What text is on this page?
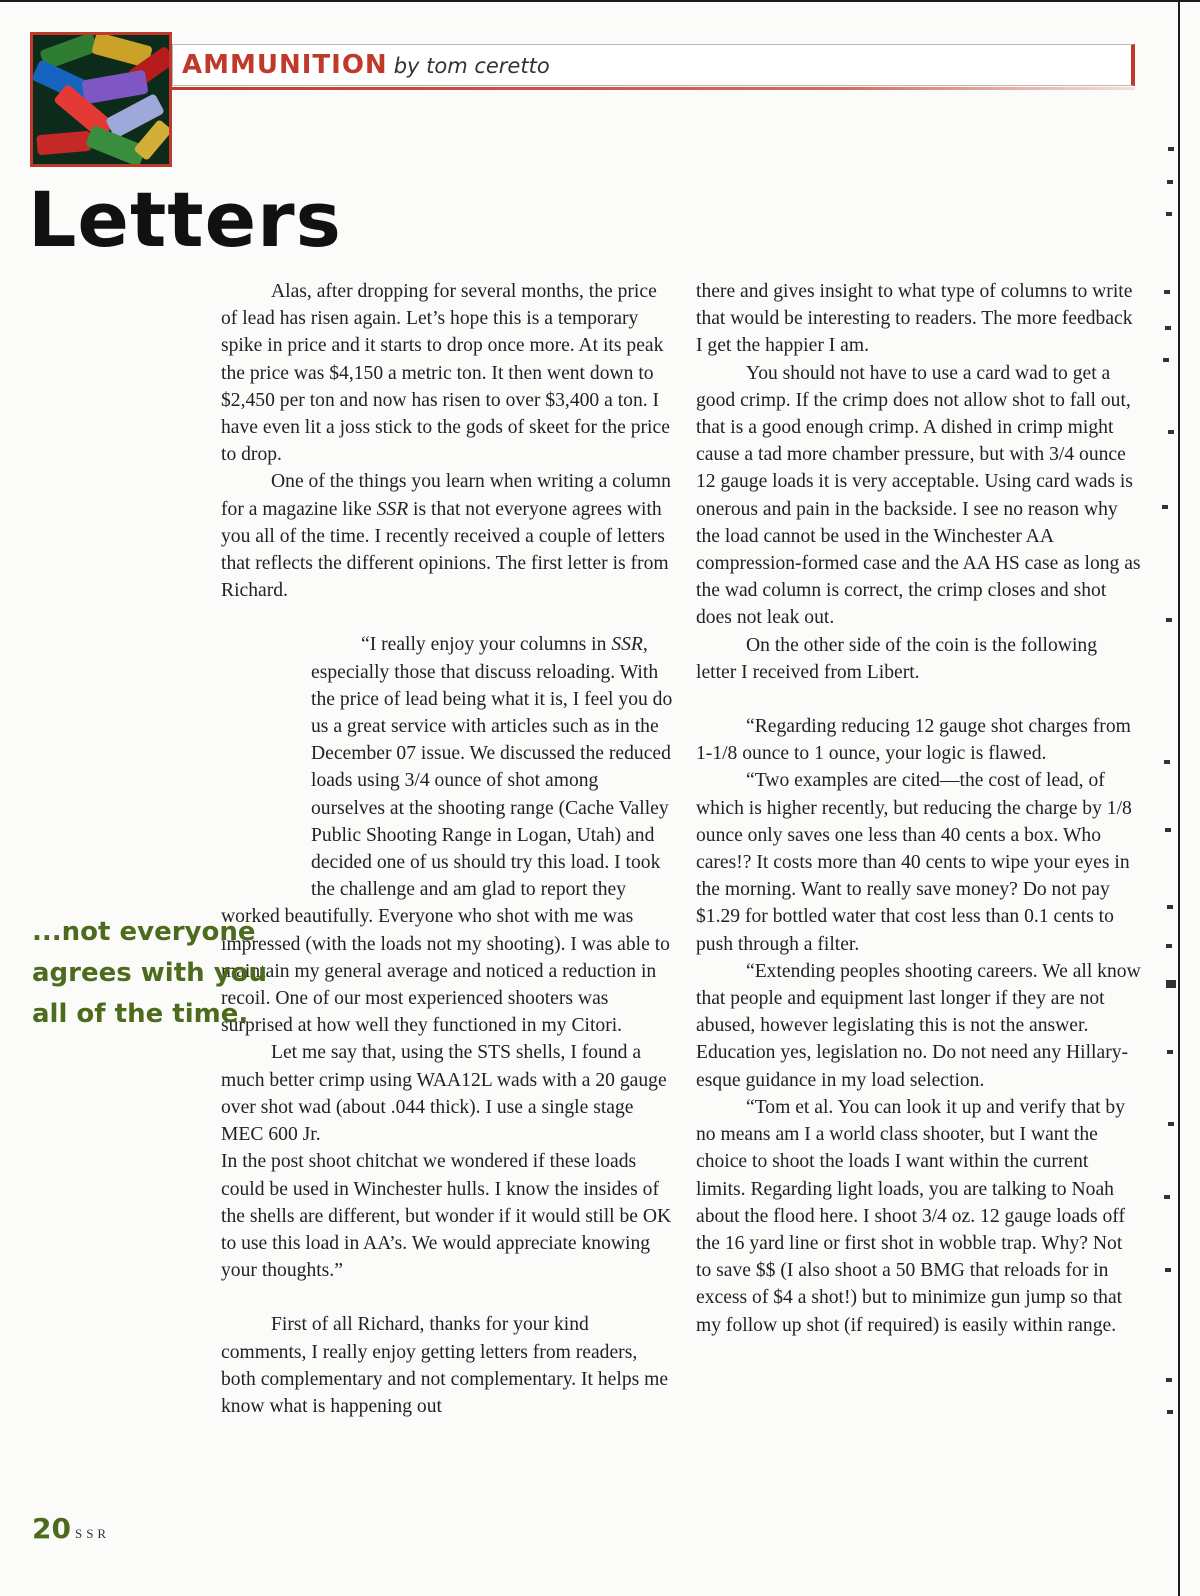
AMMUNITION by tom ceretto
Letters

Alas, after dropping for several months, the price of lead has risen again. Let’s hope this is a temporary spike in price and it starts to drop once more. At its peak the price was $4,150 a metric ton. It then went down to $2,450 per ton and now has risen to over $3,400 a ton. I have even lit a joss stick to the gods of skeet for the price to drop.

One of the things you learn when writing a column for a magazine like SSR is that not everyone agrees with you all of the time. I recently received a couple of letters that reflects the different opinions. The first letter is from Richard.

“I really enjoy your columns in SSR, especially those that discuss reloading. With the price of lead being what it is, I feel you do us a great service with articles such as in the December 07 issue. We discussed the reduced loads using 3/4 ounce of shot among ourselves at the shooting range (Cache Valley Public Shooting Range in Logan, Utah) and decided one of us should try this load. I took the challenge and am glad to report they worked beautifully. Everyone who shot with me was impressed (with the loads not my shooting). I was able to maintain my general average and noticed a reduction in recoil. One of our most experienced shooters was surprised at how well they functioned in my Citori.

Let me say that, using the STS shells, I found a much better crimp using WAA12L wads with a 20 gauge over shot wad (about .044 thick). I use a single stage MEC 600 Jr.

In the post shoot chitchat we wondered if these loads could be used in Winchester hulls. I know the insides of the shells are different, but wonder if it would still be OK to use this load in AA’s. We would appreciate knowing your thoughts.”

First of all Richard, thanks for your kind comments, I really enjoy getting letters from readers, both complementary and not complementary. It helps me know what is happening out

...not everyone agrees with you all of the time.

there and gives insight to what type of columns to write that would be interesting to readers. The more feedback I get the happier I am.

You should not have to use a card wad to get a good crimp. If the crimp does not allow shot to fall out, that is a good enough crimp. A dished in crimp might cause a tad more chamber pressure, but with 3/4 ounce 12 gauge loads it is very acceptable. Using card wads is onerous and pain in the backside. I see no reason why the load cannot be used in the Winchester AA compression-formed case and the AA HS case as long as the wad column is correct, the crimp closes and shot does not leak out.

On the other side of the coin is the following letter I received from Libert.

“Regarding reducing 12 gauge shot charges from 1-1/8 ounce to 1 ounce, your logic is flawed.

“Two examples are cited—the cost of lead, of which is higher recently, but reducing the charge by 1/8 ounce only saves one less than 40 cents a box. Who cares!? It costs more than 40 cents to wipe your eyes in the morning. Want to really save money? Do not pay $1.29 for bottled water that cost less than 0.1 cents to push through a filter.

“Extending peoples shooting careers. We all know that people and equipment last longer if they are not abused, however legislating this is not the answer. Education yes, legislation no. Do not need any Hillary-esque guidance in my load selection.

“Tom et al. You can look it up and verify that by no means am I a world class shooter, but I want the choice to shoot the loads I want within the current limits. Regarding light loads, you are talking to Noah about the flood here. I shoot 3/4 oz. 12 gauge loads off the 16 yard line or first shot in wobble trap. Why? Not to save $$ (I also shoot a 50 BMG that reloads for in excess of $4 a shot!) but to minimize gun jump so that my follow up shot (if required) is easily within range.

20 SSR
